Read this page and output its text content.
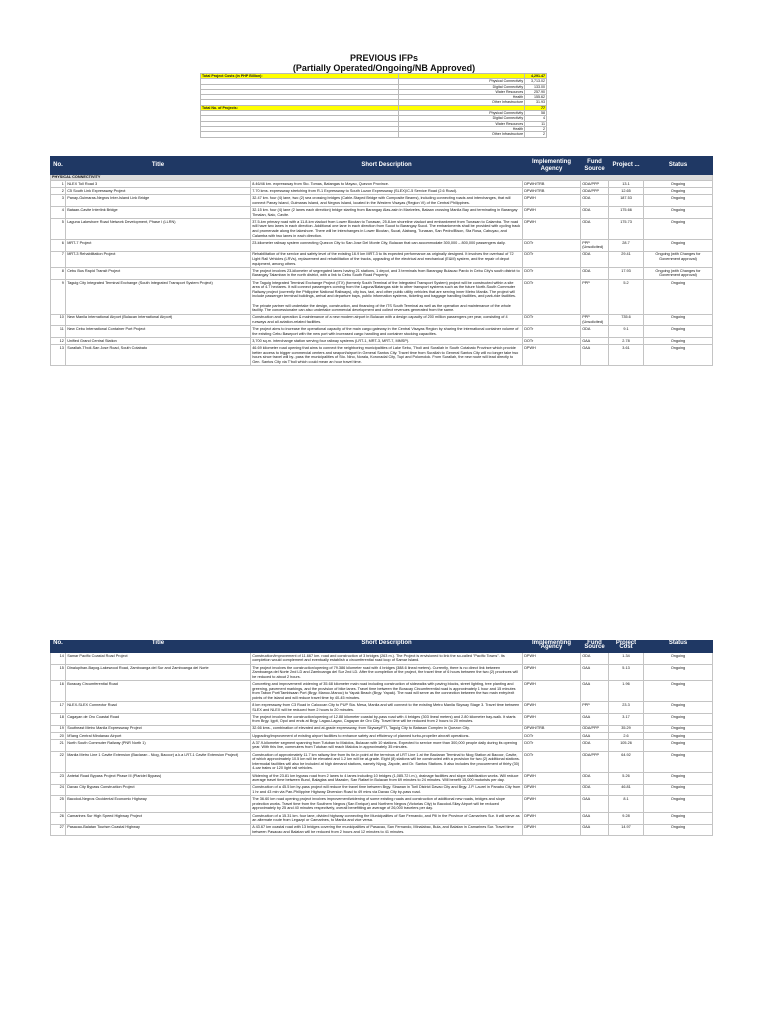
PREVIOUS IFPs
(Partially Operated/Ongoing/NB Approved)
Total Project Costs (in PHP Billion):		4,291.47
	Physical Connectivity	3,713.02
	Digital Connectivity	133.00
	Water Resources	257.90
	Health	155.62
	Other Infrastructure	31.93
Total No. of Projects:		77
	Physical Connectivity	58
	Digital Connectivity	4
	Water Resources	11
	Health	2
	Other Infrastructure	2
No.	Title	Short Description	Implementing Agency	Fund Source	Project ...	Status
PHYSICAL CONNECTIVITY						
1	NLEX Toll Road 3	8.46/46 km. expressway from Sto. Tomas, Batangas to Mayao, Quezon Province.	DPWH/TRB	ODA/PPP	13.1	Ongoing
2	C5 South Link Expressway Project	7.70 kms. expressway stretching from R-1 Expressway to South Luzon Expressway (SLEX)/C-5 Service Road (2.6 Road).	DPWH/TRB	ODA/PPP	12.65	Ongoing
3	Panay-Guimaras-Negros Inter-Island Link Bridge	32.47 km. four (4) lane, two (2) sea crossing bridges (Cable-Stayed Bridge with Composite Beams), including connecting roads and interchanges, that will connect Panay Island, Guimaras Island, and Negros Island, located in the Western Visayas (Region VI) of the Central Philippines.	DPWH	ODA	187.53	Ongoing
4	Bataan-Cavite Interlink Bridge	32.15 km. four (4) lane (2 lanes each direction) bridge starting from Barangay Alas-asin in Mariveles, Bataan crossing Manila Bay and terminating in Barangay Timalan, Naic, Cavite.	DPWH	ODA	175.66	Ongoing
5	Laguna Lakeshore Road Network Development, Phase I (LLRN)	37.5-km primary road with a 11.8-km viaduct from Lower Bicutan to Tunasan, 25.8-km shoreline viaduct and embankment from Tunasan to Calamba. The road will have two lanes in each direction. Additional one lane in each direction from Suoot to Barangay Sucol. The embankments shall be provided with cycling track and promenade along the lakeshore. There will be interchanges in Lower Bicutan, Sucat, Alabang, Tunasan, San Pedro/Bison, Sta Rosa, Cabuyao, and Calamba with two lanes in each direction.	DPWH	ODA	175.73	Ongoing
6	MRT-7 Project	23-kilometer railway system connecting Quezon City to San Jose Del Monte City, Bulacan that can accommodate 300,000 – 800,000 passengers daily.	DOTr	PPP (Unsolicited)	28.7	Ongoing
7	MRT-3 Rehabilitation Project	Rehabilitation of the service and safety level of the existing 16.9 km MRT-3 to its expected performance as originally designed. It involves the overhaul of 72 Light Rail Vehicles (LRVs), replacement and rehabilitation of the tracks, upgrading of the electrical and mechanical (E&M) system, and the repair of depot equipment, among others.	DOTr	ODA	29.41	Ongoing (with Changes for Government approval)
8	Cebu Bus Rapid Transit Project	The project involves 23-kilometer of segregated lanes having 21 stations, 1 depot, and 3 terminals from Barangay Bulacao Pardo in Cebu City's south district to Barangay Talamban in the north district, with a link to Cebu South Road Property.	DOTr	ODA	17.93	Ongoing (with Changes for Government approval)
9	Taguig City Integrated Terminal Exchange (South Integrated Transport System Project)	The Taguig Integrated Terminal Exchange Project (ITX) (formerly South Terminal of the Integrated Transport System) project will be constructed within a site area of 4.7 hectares. It will connect passengers coming from the Laguna/Batangas side to other transport systems such as the future North-South Commuter Railway project (currently the Philippine National Railways), city bus, taxi, and other public utility vehicles that are serving inner Metro Manila. The project will include passenger terminal buildings, arrival and departure bays, public information systems, ticketing and baggage handling facilities, and park-ride facilities.

The private partner will undertake the design, construction, and financing of the ITS South Terminal as well as the operation and maintenance of the whole facility. The concessionaire can also undertake commercial development and collect revenues generated from the same.	DOTr	PPP	5.2	Ongoing
10	New Manila International Airport (Bulacan International Airport)	Construction and operation & maintenance of a new modern airport in Bulacan with a design capacity of 200 million passengers per year, consisting of 4 runways and all aviation-related facilities.	DOTr	PPP (Unsolicited)	735.6	Ongoing
11	New Cebu International Container Port Project	The project aims to increase the operational capacity of the main cargo gateway in the Central Visayas Region by sharing the international container volume of the existing Cebu Baseport with the new port with increased cargo handling and container stocking capacities.	DOTr	ODA	9.1	Ongoing
12	Unified Grand Central Station	3,700 sq.m. interchange station serving four railway systems (LRT-1, MRT-3, MRT-7, MMSP).	DOTr	GAA	2.78	Ongoing
13	Surallah-T'boli-San Jose Road, South Cotabato	46.69 kilometer road opening that aims to connect the neighboring municipalities of Lake Sebu, T'boli and Surallah in South Cotabato Province which provide better access to bigger commercial centers and seaport/airport in General Santos City. Travel time from Surallah to General Santos City will no longer take two hours since travel will by- pass the municipalities of Sto. Nino, Norala, Koronadal City, Tupi and Polomolok. From Surallah, the new route will lead directly to Gen. Santos City via T'boli which could mean an hour travel time.	DPWH	GAA	3.61	Ongoing
No.	Title	Short Description	Implementing Agency	Fund Source	Project Cost	Status
14	Samar Pacific Coastal Road Project	Construction/improvement of 11.667 km. road and construction of 3 bridges (263 m.). The Project is envisioned to link the so-called "Pacific Towns". Its completion would complement and eventually establish a circumferential road loop of Samar Island.	DPWH	ODA	1.34	Ongoing
15	Dinalupihan-Bayog-Lakewood Road, Zamboanga del Sur and Zamboanga del Norte	The project involves the construction/opening of 79.386 kilometer road with 4 bridges (388.6 lineal meters). Currently, there is no direct link between Zamboanga del Norte 2nd LD and Zamboanga del Sur 2nd LD. After the completion of the project, the travel time of 6 hours between the two (2) provinces will be reduced to about 2 hours.	DPWH	GAA	5.13	Ongoing
16	Boracay Circumferential Road	Concreting and improvement/ widening of 35.68 kilometer main road including construction of sidewalks with paving blocks, street lighting, tree planting and greening, pavement markings, and the provision of bike lanes. Travel time between the Boracay Circumferential road is approximately 1 hour and 15 minutes from Tabon Port/Tambisaan Port (Brgy. Manoc-Manoc) to Yapak Beach (Brgy. Yapak). The road will serve as the connection between the two main entry/exit points of the island and will reduce travel time by 40-45 minutes.	DPWH	GAA	1.96	Ongoing
17	NLEX-SLEX Connector Road	8 km expressway from C3 Road in Caloocan City to PUP Sta. Mesa, Manila and will connect to the existing Metro Manila Skyway Stage 3. Travel time between SLEX and NLEX will be reduced from 2 hours to 20 minutes.	DPWH	PPP	23.3	Ongoing
18	Cagayan de Oro Coastal Road	The project involves the construction/opening of 12.88 kilometer coastal by-pass road with 4 bridges (303 lineal meters) and 2.80 kilometer bay-walk. It starts from Brgy. Igpit, Opol and ends at Brgy. Lagao-Lagao, Cagayan de Oro City. Travel time will be reduced from 2 hours to 20 minutes.	DPWH	GAA	3.17	Ongoing
19	Southeast Metro Manila Expressway Project	32.66 kms., combination of elevated and at-grade expressway, from Skyway/FTI, Taguig City to Batasan Complex in Quezon City.	DPWH/TRB	ODA/PPP	35.29	Ongoing
20	M'lang Central Mindanao Airport	Upgrading/improvement of existing airport facilities to enhance safety and efficiency of planned turbo-propeller aircraft operations.	DOTr	GAA	2.6	Ongoing
21	North South Commuter Railway (PNR North 1)	A 37.9-kilometer segment spanning from Tutuban to Malolos, Bulacan with 10 stations. Expected to service more than 300,000 people daily during its opening year. With this line, commuters from Tutuban will reach Malolos in approximately 35 minutes.	DOTr	ODA	105.26	Ongoing
22	Manila Metro Line 1 Cavite Extension (Baclaran - Niog, Bacoor) a.k.a LRT-1 Cavite Extension Project)	Construction of approximately 11.7 km railway line from its tie-in point at the terminus of LRT Line 1 at the Baclaran Terminal to Niog Station at Bacoor, Cavite, of which approximately 10.5 km will be elevated and 1.2 km will be at-grade. Eight (8) stations will be constructed with a provision for two (2) additional stations. Intermodal facilities will also be included at high demand stations, namely Niyog, Zapote, and Dr. Santos Stations. It also includes the procurement of thirty (30) 4-car trains or 120 light rail vehicles.	DOTr	ODA/PPP	64.92	Ongoing
23	Antetal Road Bypass Project Phase III (Plaridel Bypass)	Widening of the 23.81 km bypass road from 2 lanes to 4 lanes including 10 bridges (1,085.72 l.m.), drainage facilities and slope stabilization works. Will reduce average travel time between Burol, Balagtas and Maasim, San Rafael in Bulacan from 69 minutes to 24 minutes. Will benefit 15,000 motorists per day.	DPWH	ODA	5.26	Ongoing
24	Davao City Bypass Construction Project	Construction of a 45.5 km by-pass project will reduce the travel time between Brgy. Sirawan in Toril District Davao City and Brgy. J.P. Laurel in Panabo City from 1 hr and 43 min via Pan-Philippine Highway Diversion Road to 49 mins via Davao City by-pass road.	DPWH	ODA	46.81	Ongoing
25	Bacolod-Negros Occidental Economic Highway	The 36.60 km road opening project involves improvement/widening of some existing roads and construction of additional new roads, bridges and slope protection works. Travel time from the Southern Negros (San Enrique) and Northern Negros (Victorias City) to Bacolod-Silay Airport will be reduced approximately by 25 and 40 minutes respectively, overall benefitting an average of 26,000 travelers per day.	DPWH	GAA	8.1	Ongoing
26	Camarines Sur High Speed Highway Project	Construction of a 15.31 km. four lane, divided highway connecting the Municipalities of San Fernando, and Pili in the Province of Camarines Sur. It will serve as an alternate route from Legazpi or Camarines, to Manila and vice versa.	DPWH	GAA	9.28	Ongoing
27	Pasacao-Balatan Tourism Coastal Highway	A 43.67 km coastal road with 13 bridges covering the municipalities of Pasacao, San Fernando, Minalabac, Bula, and Balatan in Camarines Sur. Travel time between Pasacao and Balatan will be reduced from 2 hours and 12 minutes to 41 minutes.	DPWH	GAA	14.97	Ongoing
